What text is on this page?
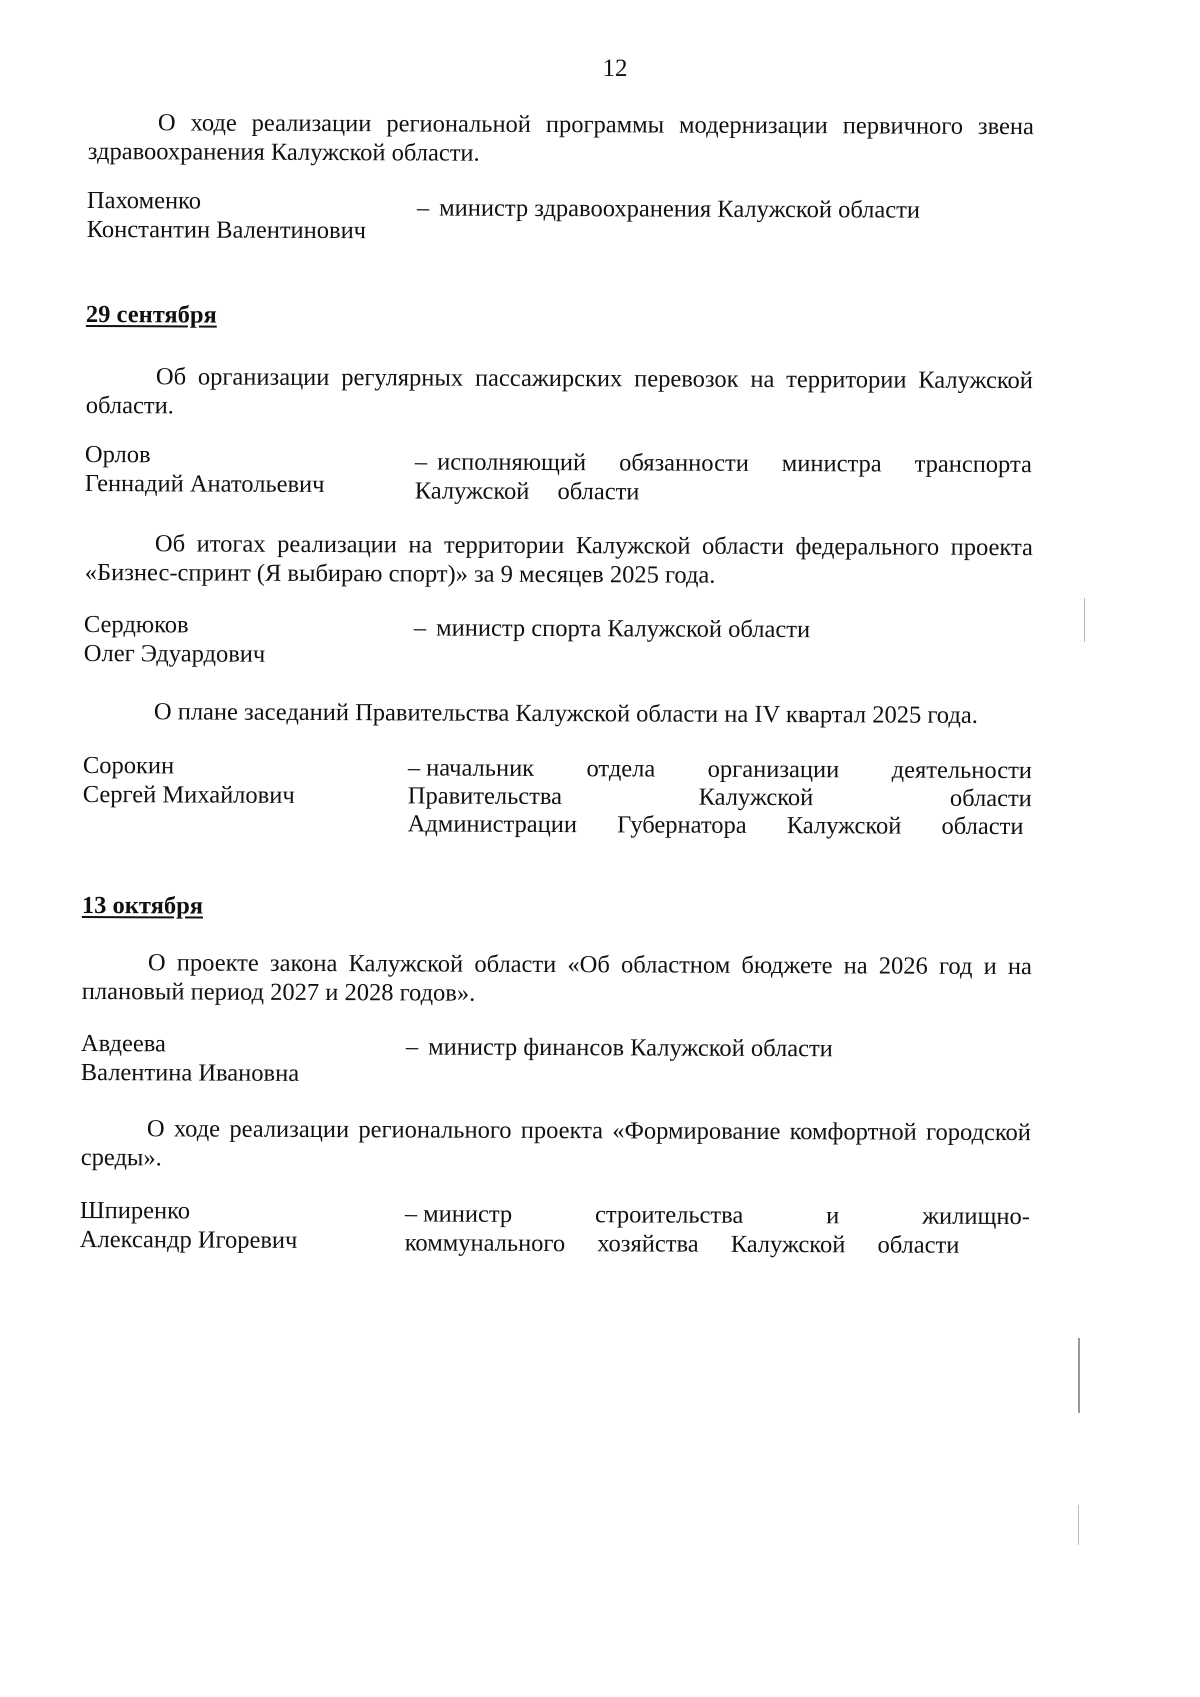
12
О ходе реализации региональной программы модернизации первичного звена здравоохранения Калужской области.
Пахоменко
Константин Валентинович
– министр здравоохранения Калужской области
29 сентября
Об организации регулярных пассажирских перевозок на территории Калужской области.
Орлов
Геннадий Анатольевич
– исполняющий обязанности министра транспорта Калужской области
Об итогах реализации на территории Калужской области федерального проекта «Бизнес-спринт (Я выбираю спорт)» за 9 месяцев 2025 года.
Сердюков
Олег Эдуардович
– министр спорта Калужской области
О плане заседаний Правительства Калужской области на IV квартал 2025 года.
Сорокин
Сергей Михайлович
– начальник отдела организации деятельности Правительства Калужской области Администрации Губернатора Калужской области
13 октября
О проекте закона Калужской области «Об областном бюджете на 2026 год и на плановый период 2027 и 2028 годов».
Авдеева
Валентина Ивановна
– министр финансов Калужской области
О ходе реализации регионального проекта «Формирование комфортной городской среды».
Шпиренко
Александр Игоревич
– министр строительства и жилищно-коммунального хозяйства Калужской области
